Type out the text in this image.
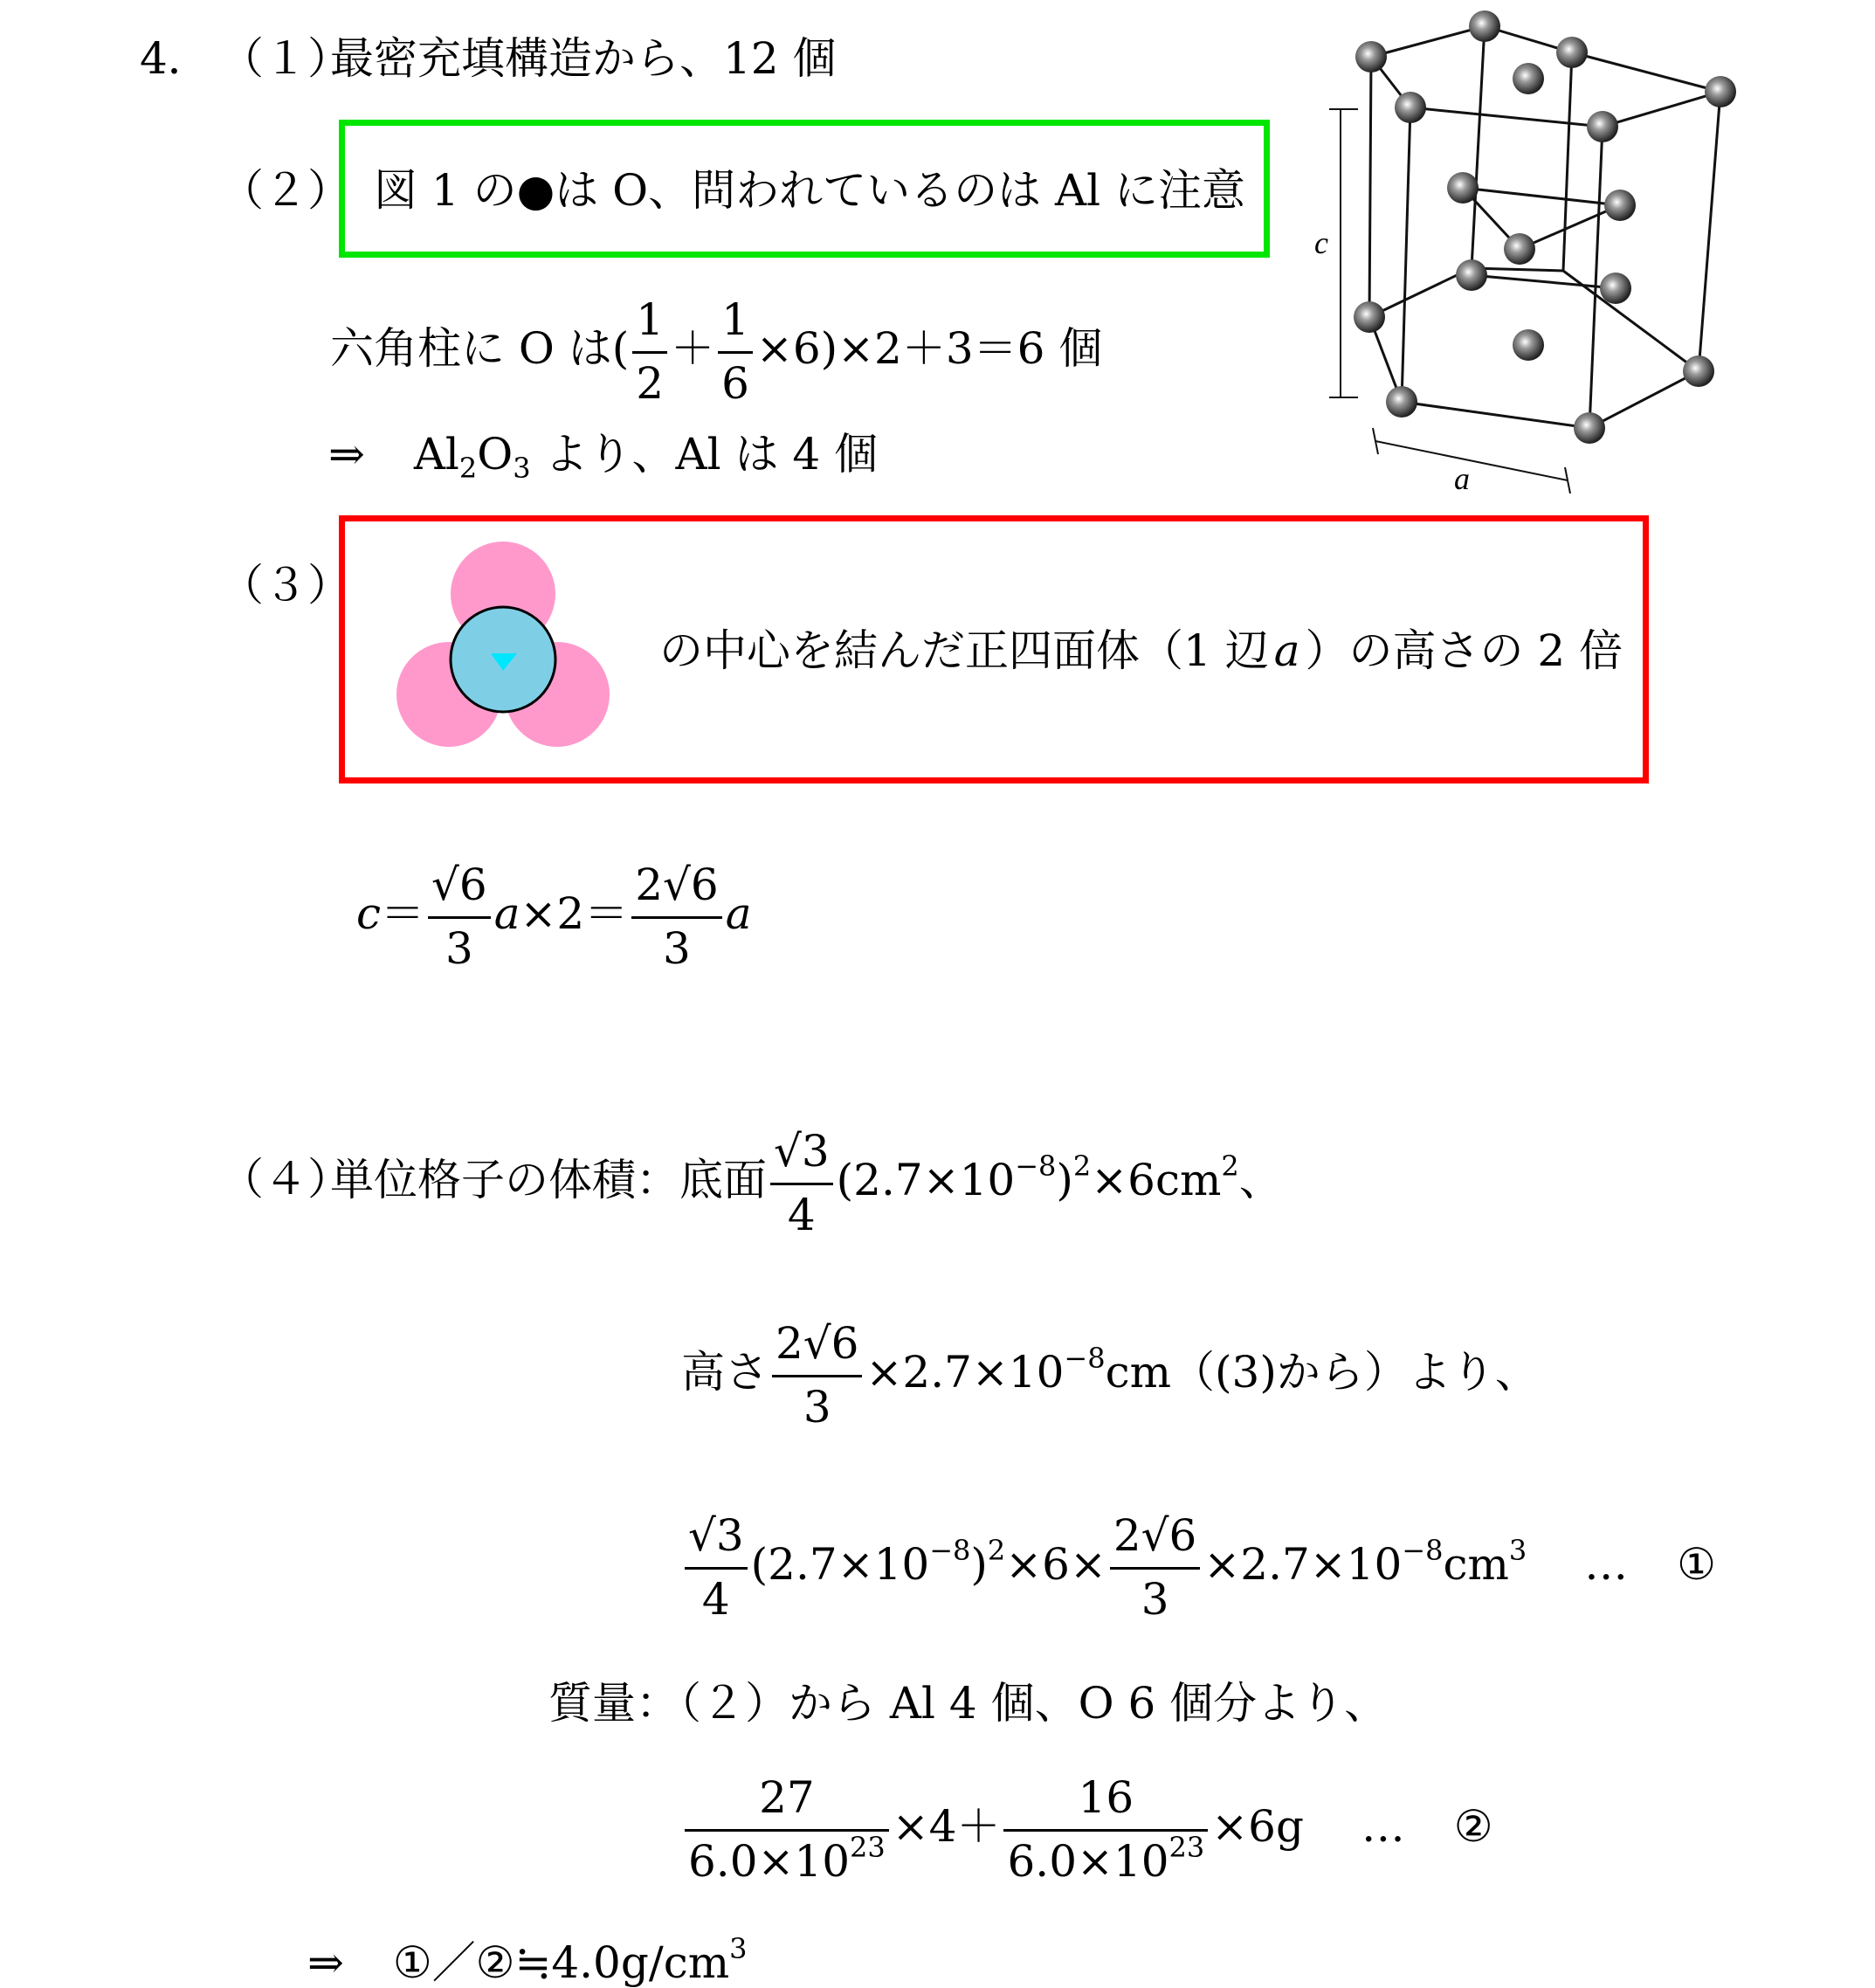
4． （１）
最密充填構造から、12 個
（２） 図 1 の●は O、問われているのは Al に注意
六角柱に O は( $\frac{1}{2} + \frac{1}{6} \times 6)\times 2+3=6$ 個
⇒ $Al_2O_3$ より、Al は 4 個
c
a
（３）
の中心を結んだ正四面体（1 辺 a ）の高さの 2 倍
$c= \frac{√6}{3} a\times 2= \frac{2√6}{3}$ a
（４）
単位格子の体積：底面 $\frac{√3}{4} (2.7\times 10^{-8})^2\times 6cm^2$、
高さ $\frac{2√6}{3} \times 2.7\times 10^{-8}cm((3)$から）より、
$\frac{√3}{4} (2.7\times 10^{-8})^2\times 6\times \frac{2√6}{3} \times 2.7\times 10^{-8}cm^3$ … ①
質量：（２）から Al 4 個、O 6 個分より、
$\frac{27}{6.0\times 10^{23}} \times 4+ \frac{16}{6.0\times 10^{23}} \times 6g$ … ②
⇒ $①/②≒4.0g/cm^3$
